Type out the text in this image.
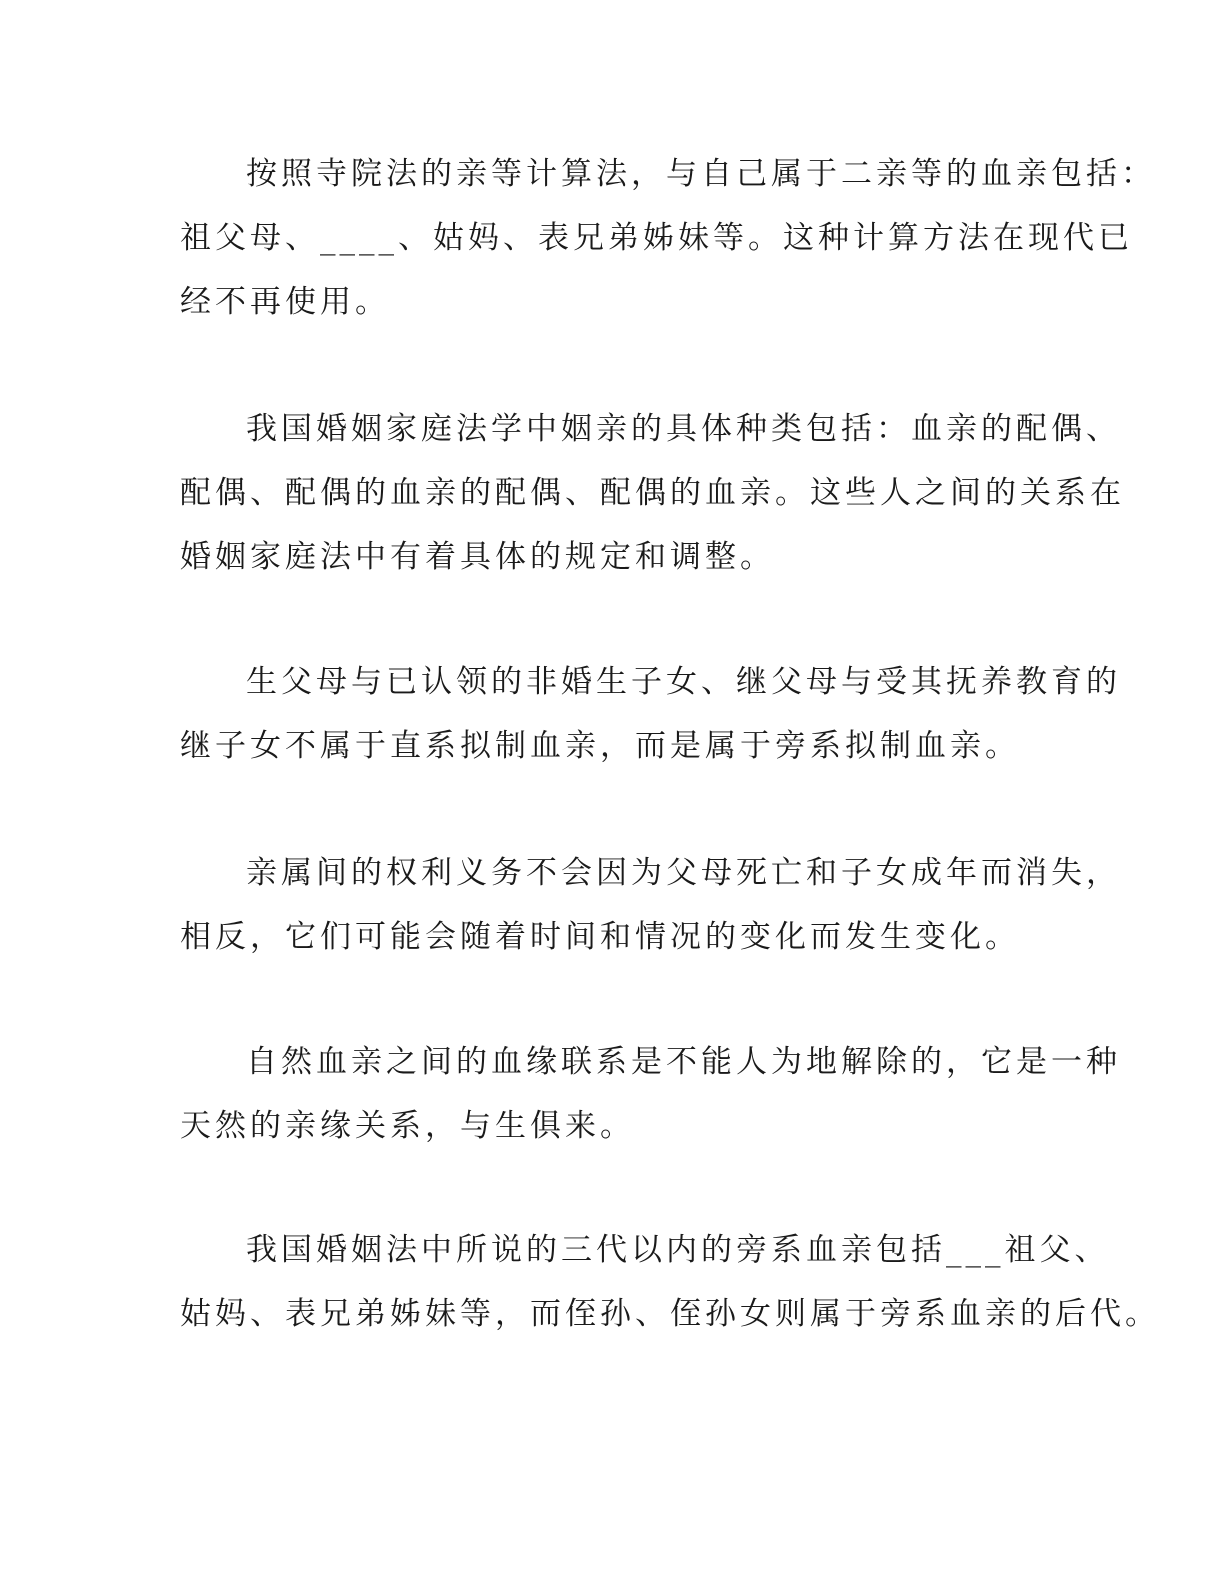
按照寺院法的亲等计算法，与自己属于二亲等的血亲包括：
祖父母、____、姑妈、表兄弟姊妹等。这种计算方法在现代已
经不再使用。

我国婚姻家庭法学中姻亲的具体种类包括：血亲的配偶、
配偶、配偶的血亲的配偶、配偶的血亲。这些人之间的关系在
婚姻家庭法中有着具体的规定和调整。

生父母与已认领的非婚生子女、继父母与受其抚养教育的
继子女不属于直系拟制血亲，而是属于旁系拟制血亲。

亲属间的权利义务不会因为父母死亡和子女成年而消失，
相反，它们可能会随着时间和情况的变化而发生变化。

自然血亲之间的血缘联系是不能人为地解除的，它是一种
天然的亲缘关系，与生俱来。

我国婚姻法中所说的三代以内的旁系血亲包括___祖父、
姑妈、表兄弟姊妹等，而侄孙、侄孙女则属于旁系血亲的后代。
